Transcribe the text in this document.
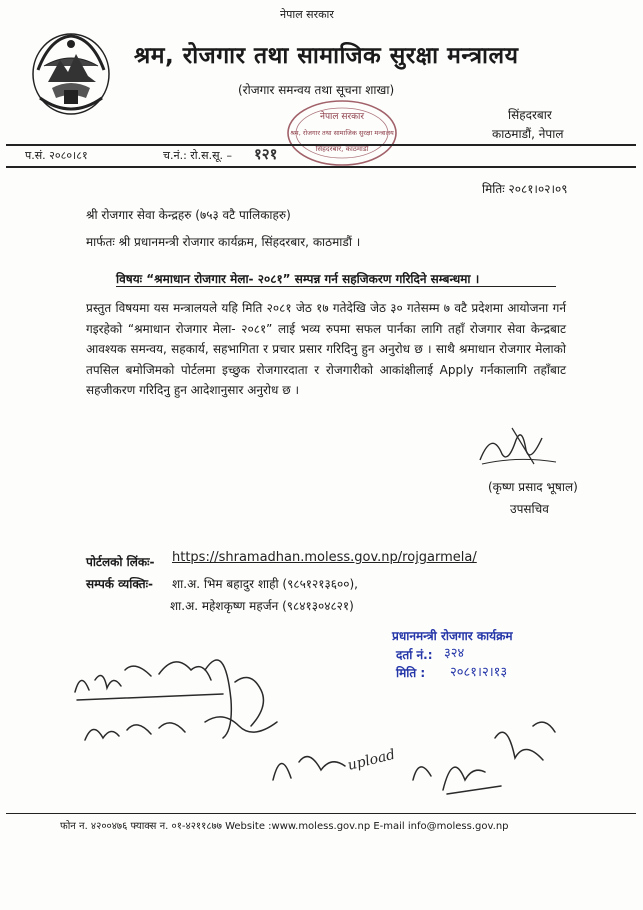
नेपाल सरकार
श्रम, रोजगार तथा सामाजिक सुरक्षा मन्त्रालय
(रोजगार समन्वय तथा सूचना शाखा)
सिंहदरबार
काठमाडौं, नेपाल
नेपाल सरकार
श्रम, रोजगार तथा सामाजिक सुरक्षा मन्त्रालय
सिंहदरबार, काठमाडौं
प.सं. २०८०।८१	च.नं.: रो.स.सू. – १२१
मितिः २०८१।०२।०९
श्री रोजगार सेवा केन्द्रहरु (७५३ वटै पालिकाहरु)
मार्फतः श्री प्रधानमन्त्री रोजगार कार्यक्रम, सिंहदरबार, काठमाडौं ।
विषयः “श्रमाधान रोजगार मेला- २०८१” सम्पन्न गर्न सहजिकरण गरिदिने सम्बन्धमा ।
प्रस्तुत विषयमा यस मन्त्रालयले यहि मिति २०८१ जेठ १७ गतेदेखि जेठ ३० गतेसम्म ७ वटै प्रदेशमा आयोजना गर्न गइरहेको “श्रमाधान रोजगार मेला- २०८१” लाई भव्य रुपमा सफल पार्नका लागि तहाँ रोजगार सेवा केन्द्रबाट आवश्यक समन्वय, सहकार्य, सहभागिता र प्रचार प्रसार गरिदिनु हुन अनुरोध छ । साथै श्रमाधान रोजगार मेलाको तपसिल बमोजिमको पोर्टलमा इच्छुक रोजगारदाता र रोजगारीको आकांक्षीलाई Apply गर्नकालागि तहाँबाट सहजीकरण गरिदिनु हुन आदेशानुसार अनुरोध छ ।
(कृष्ण प्रसाद भूषाल)
उपसचिव
पोर्टलको लिंकः- https://shramadhan.moless.gov.np/rojgarmela/
सम्पर्क व्यक्तिः- शा.अ. भिम बहादुर शाही (९८५१२१३६००),
शा.अ. महेशकृष्ण महर्जन (९८४१३०४८२१)
प्रधानमन्त्री रोजगार कार्यक्रम
दर्ता नं.: ३२४
मिति : २०८१।२।१३
upload
फोन न. ४२००४७६ फ्याक्स न. ०१-४२११८७७ Website :www.moless.gov.np E-mail info@moless.gov.np
